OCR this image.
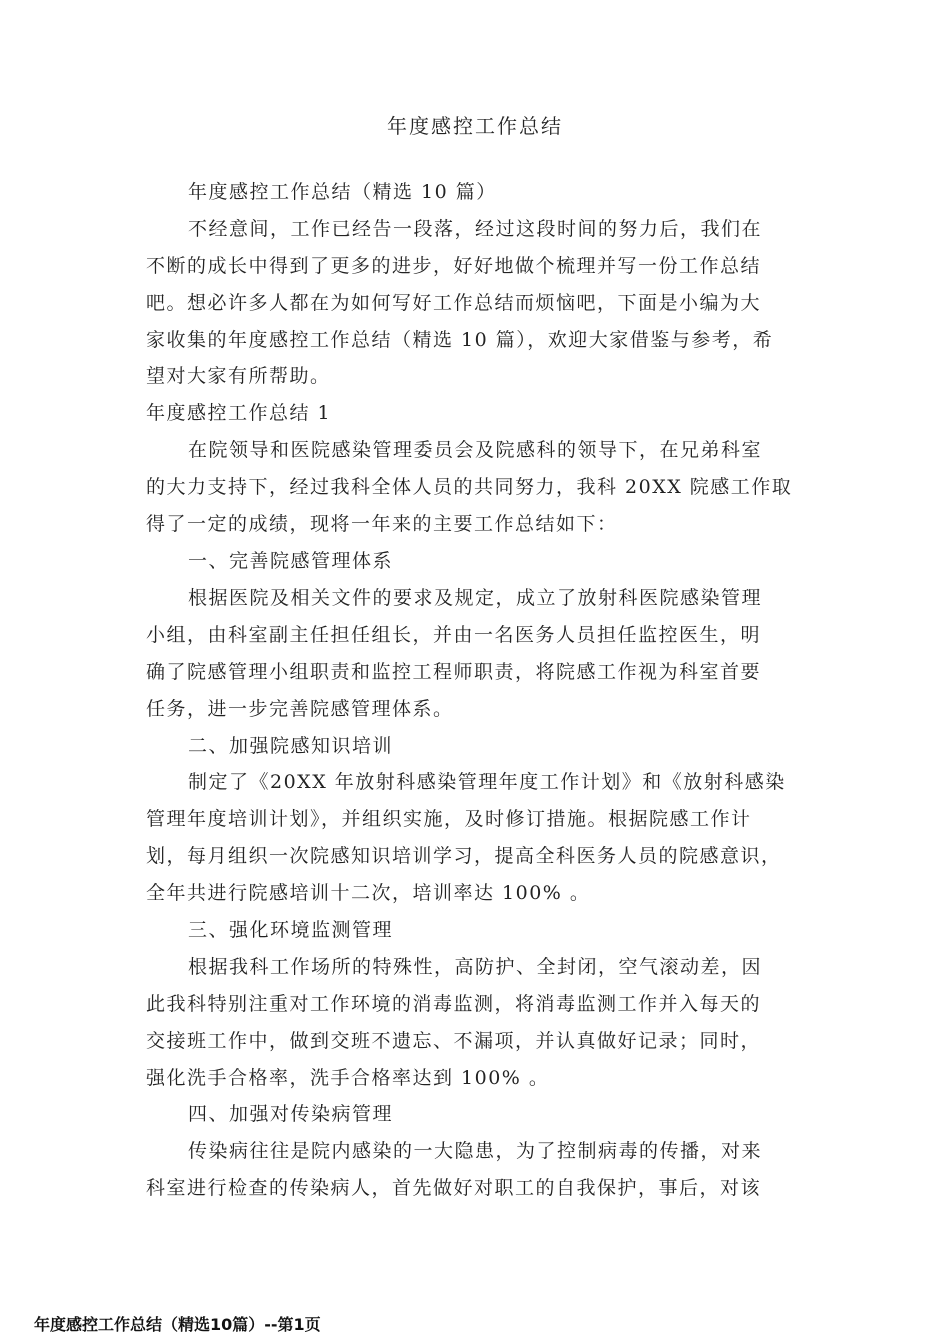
年度感控工作总结
年度感控工作总结（精选 10 篇）
不经意间，工作已经告一段落，经过这段时间的努力后，我们在
不断的成长中得到了更多的进步，好好地做个梳理并写一份工作总结
吧。想必许多人都在为如何写好工作总结而烦恼吧，下面是小编为大
家收集的年度感控工作总结（精选 10 篇），欢迎大家借鉴与参考，希
望对大家有所帮助。
年度感控工作总结 1
在院领导和医院感染管理委员会及院感科的领导下，在兄弟科室
的大力支持下，经过我科全体人员的共同努力，我科 20XX 院感工作取
得了一定的成绩，现将一年来的主要工作总结如下：
一、完善院感管理体系
根据医院及相关文件的要求及规定，成立了放射科医院感染管理
小组，由科室副主任担任组长，并由一名医务人员担任监控医生，明
确了院感管理小组职责和监控工程师职责，将院感工作视为科室首要
任务，进一步完善院感管理体系。
二、加强院感知识培训
制定了《20XX 年放射科感染管理年度工作计划》和《放射科感染
管理年度培训计划》，并组织实施，及时修订措施。根据院感工作计
划，每月组织一次院感知识培训学习，提高全科医务人员的院感意识，
全年共进行院感培训十二次，培训率达 100% 。
三、强化环境监测管理
根据我科工作场所的特殊性，高防护、全封闭，空气滚动差，因
此我科特别注重对工作环境的消毒监测，将消毒监测工作并入每天的
交接班工作中，做到交班不遗忘、不漏项，并认真做好记录；同时，
强化洗手合格率，洗手合格率达到 100% 。
四、加强对传染病管理
传染病往往是院内感染的一大隐患，为了控制病毒的传播，对来
科室进行检查的传染病人，首先做好对职工的自我保护，事后，对该
年度感控工作总结（精选10篇）--第1页
